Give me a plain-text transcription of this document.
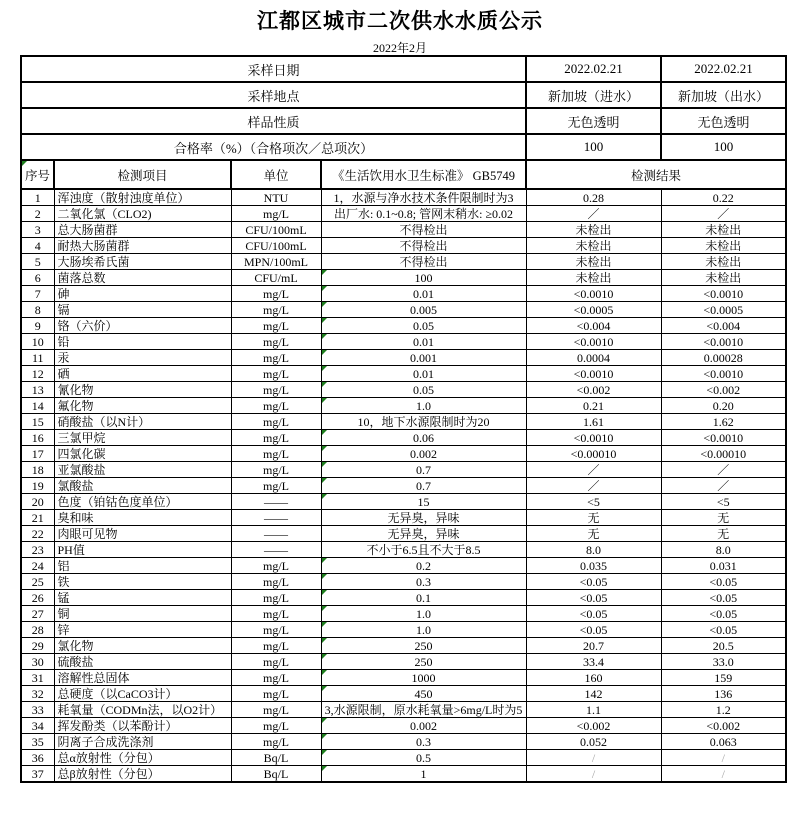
江都区城市二次供水水质公示
2022年2月
采样日期				2022.02.21	2022.02.21
采样地点				新加坡（进水）	新加坡（出水）
样品性质				无色透明	无色透明
合格率（%）（合格项次／总项次）				100	100

序号	检测项目	单位	《生活饮用水卫生标准》 GB5749	检测结果	
1	浑浊度（散射浊度单位）	NTU	1，水源与净水技术条件限制时为3	0.28	0.22
2	二氧化氯（CLO2)	mg/L	出厂水: 0.1~0.8; 管网末稍水: ≥0.02	／	／
3	总大肠菌群	CFU/100mL	不得检出	未检出	未检出
4	耐热大肠菌群	CFU/100mL	不得检出	未检出	未检出
5	大肠埃希氏菌	MPN/100mL	不得检出	未检出	未检出
6	菌落总数	CFU/mL	100	未检出	未检出
7	砷	mg/L	0.01	<0.0010	<0.0010
8	镉	mg/L	0.005	<0.0005	<0.0005
9	铬（六价）	mg/L	0.05	<0.004	<0.004
10	铅	mg/L	0.01	<0.0010	<0.0010
11	汞	mg/L	0.001	0.0004	0.00028
12	硒	mg/L	0.01	<0.0010	<0.0010
13	氰化物	mg/L	0.05	<0.002	<0.002
14	氟化物	mg/L	1.0	0.21	0.20
15	硝酸盐（以N计）	mg/L	10，地下水源限制时为20	1.61	1.62
16	三氯甲烷	mg/L	0.06	<0.0010	<0.0010
17	四氯化碳	mg/L	0.002	<0.00010	<0.00010
18	亚氯酸盐	mg/L	0.7	／	／
19	氯酸盐	mg/L	0.7	／	／
20	色度（铂钴色度单位）	——	15	<5	<5
21	臭和味	——	无异臭，异味	无	无
22	肉眼可见物	——	无异臭，异味	无	无
23	PH值	——	不小于6.5且不大于8.5	8.0	8.0
24	铝	mg/L	0.2	0.035	0.031
25	铁	mg/L	0.3	<0.05	<0.05
26	锰	mg/L	0.1	<0.05	<0.05
27	铜	mg/L	1.0	<0.05	<0.05
28	锌	mg/L	1.0	<0.05	<0.05
29	氯化物	mg/L	250	20.7	20.5
30	硫酸盐	mg/L	250	33.4	33.0
31	溶解性总固体	mg/L	1000	160	159
32	总硬度（以CaCO3计）	mg/L	450	142	136
33	耗氧量（CODMn法，以O2计）	mg/L	3,水源限制，原水耗氧量>6mg/L时为5	1.1	1.2
34	挥发酚类（以苯酚计）	mg/L	0.002	<0.002	<0.002
35	阴离子合成洗涤剂	mg/L	0.3	0.052	0.063
36	总α放射性（分包）	Bq/L	0.5	/	/
37	总β放射性（分包）	Bq/L	1	/	/
